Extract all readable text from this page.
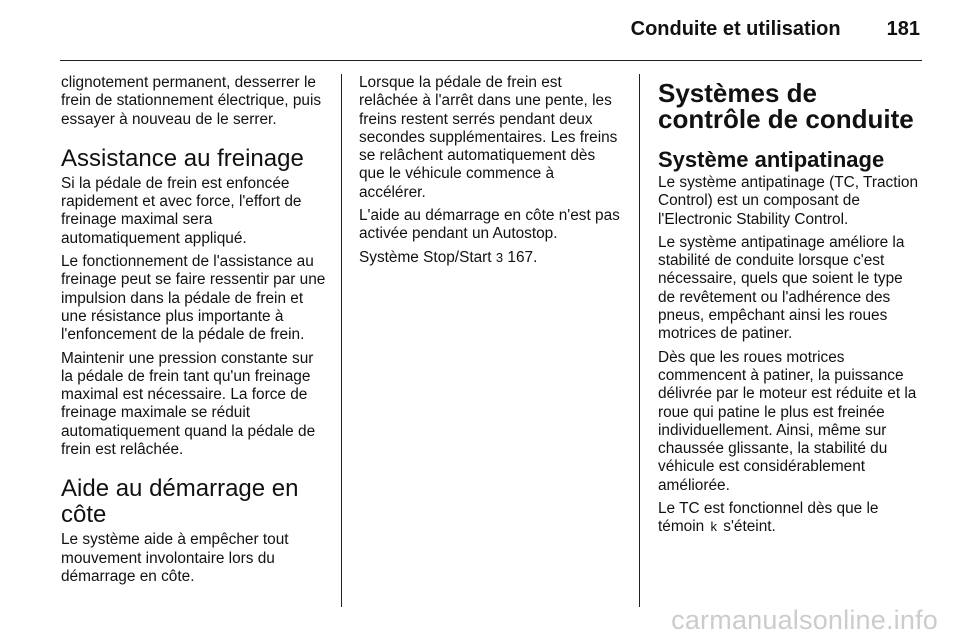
Conduite et utilisation 181

clignotement permanent, desserrer le frein de stationnement électrique, puis essayer à nouveau de le serrer.

Assistance au freinage

Si la pédale de frein est enfoncée rapidement et avec force, l'effort de freinage maximal sera automatiquement appliqué.

Le fonctionnement de l'assistance au freinage peut se faire ressentir par une impulsion dans la pédale de frein et une résistance plus importante à l'enfoncement de la pédale de frein.

Maintenir une pression constante sur la pédale de frein tant qu'un freinage maximal est nécessaire. La force de freinage maximale se réduit automatiquement quand la pédale de frein est relâchée.

Aide au démarrage en côte

Le système aide à empêcher tout mouvement involontaire lors du démarrage en côte.

Lorsque la pédale de frein est relâchée à l'arrêt dans une pente, les freins restent serrés pendant deux secondes supplémentaires. Les freins se relâchent automatiquement dès que le véhicule commence à accélérer.

L'aide au démarrage en côte n'est pas activée pendant un Autostop.

Système Stop/Start 3 167.

Systèmes de contrôle de conduite
Système antipatinage

Le système antipatinage (TC, Traction Control) est un composant de l'Electronic Stability Control.

Le système antipatinage améliore la stabilité de conduite lorsque c'est nécessaire, quels que soient le type de revêtement ou l'adhérence des pneus, empêchant ainsi les roues motrices de patiner.

Dès que les roues motrices commencent à patiner, la puissance délivrée par le moteur est réduite et la roue qui patine le plus est freinée individuellement. Ainsi, même sur chaussée glissante, la stabilité du véhicule est considérablement améliorée.

Le TC est fonctionnel dès que le témoin k s'éteint.

carmanualsonline.info
